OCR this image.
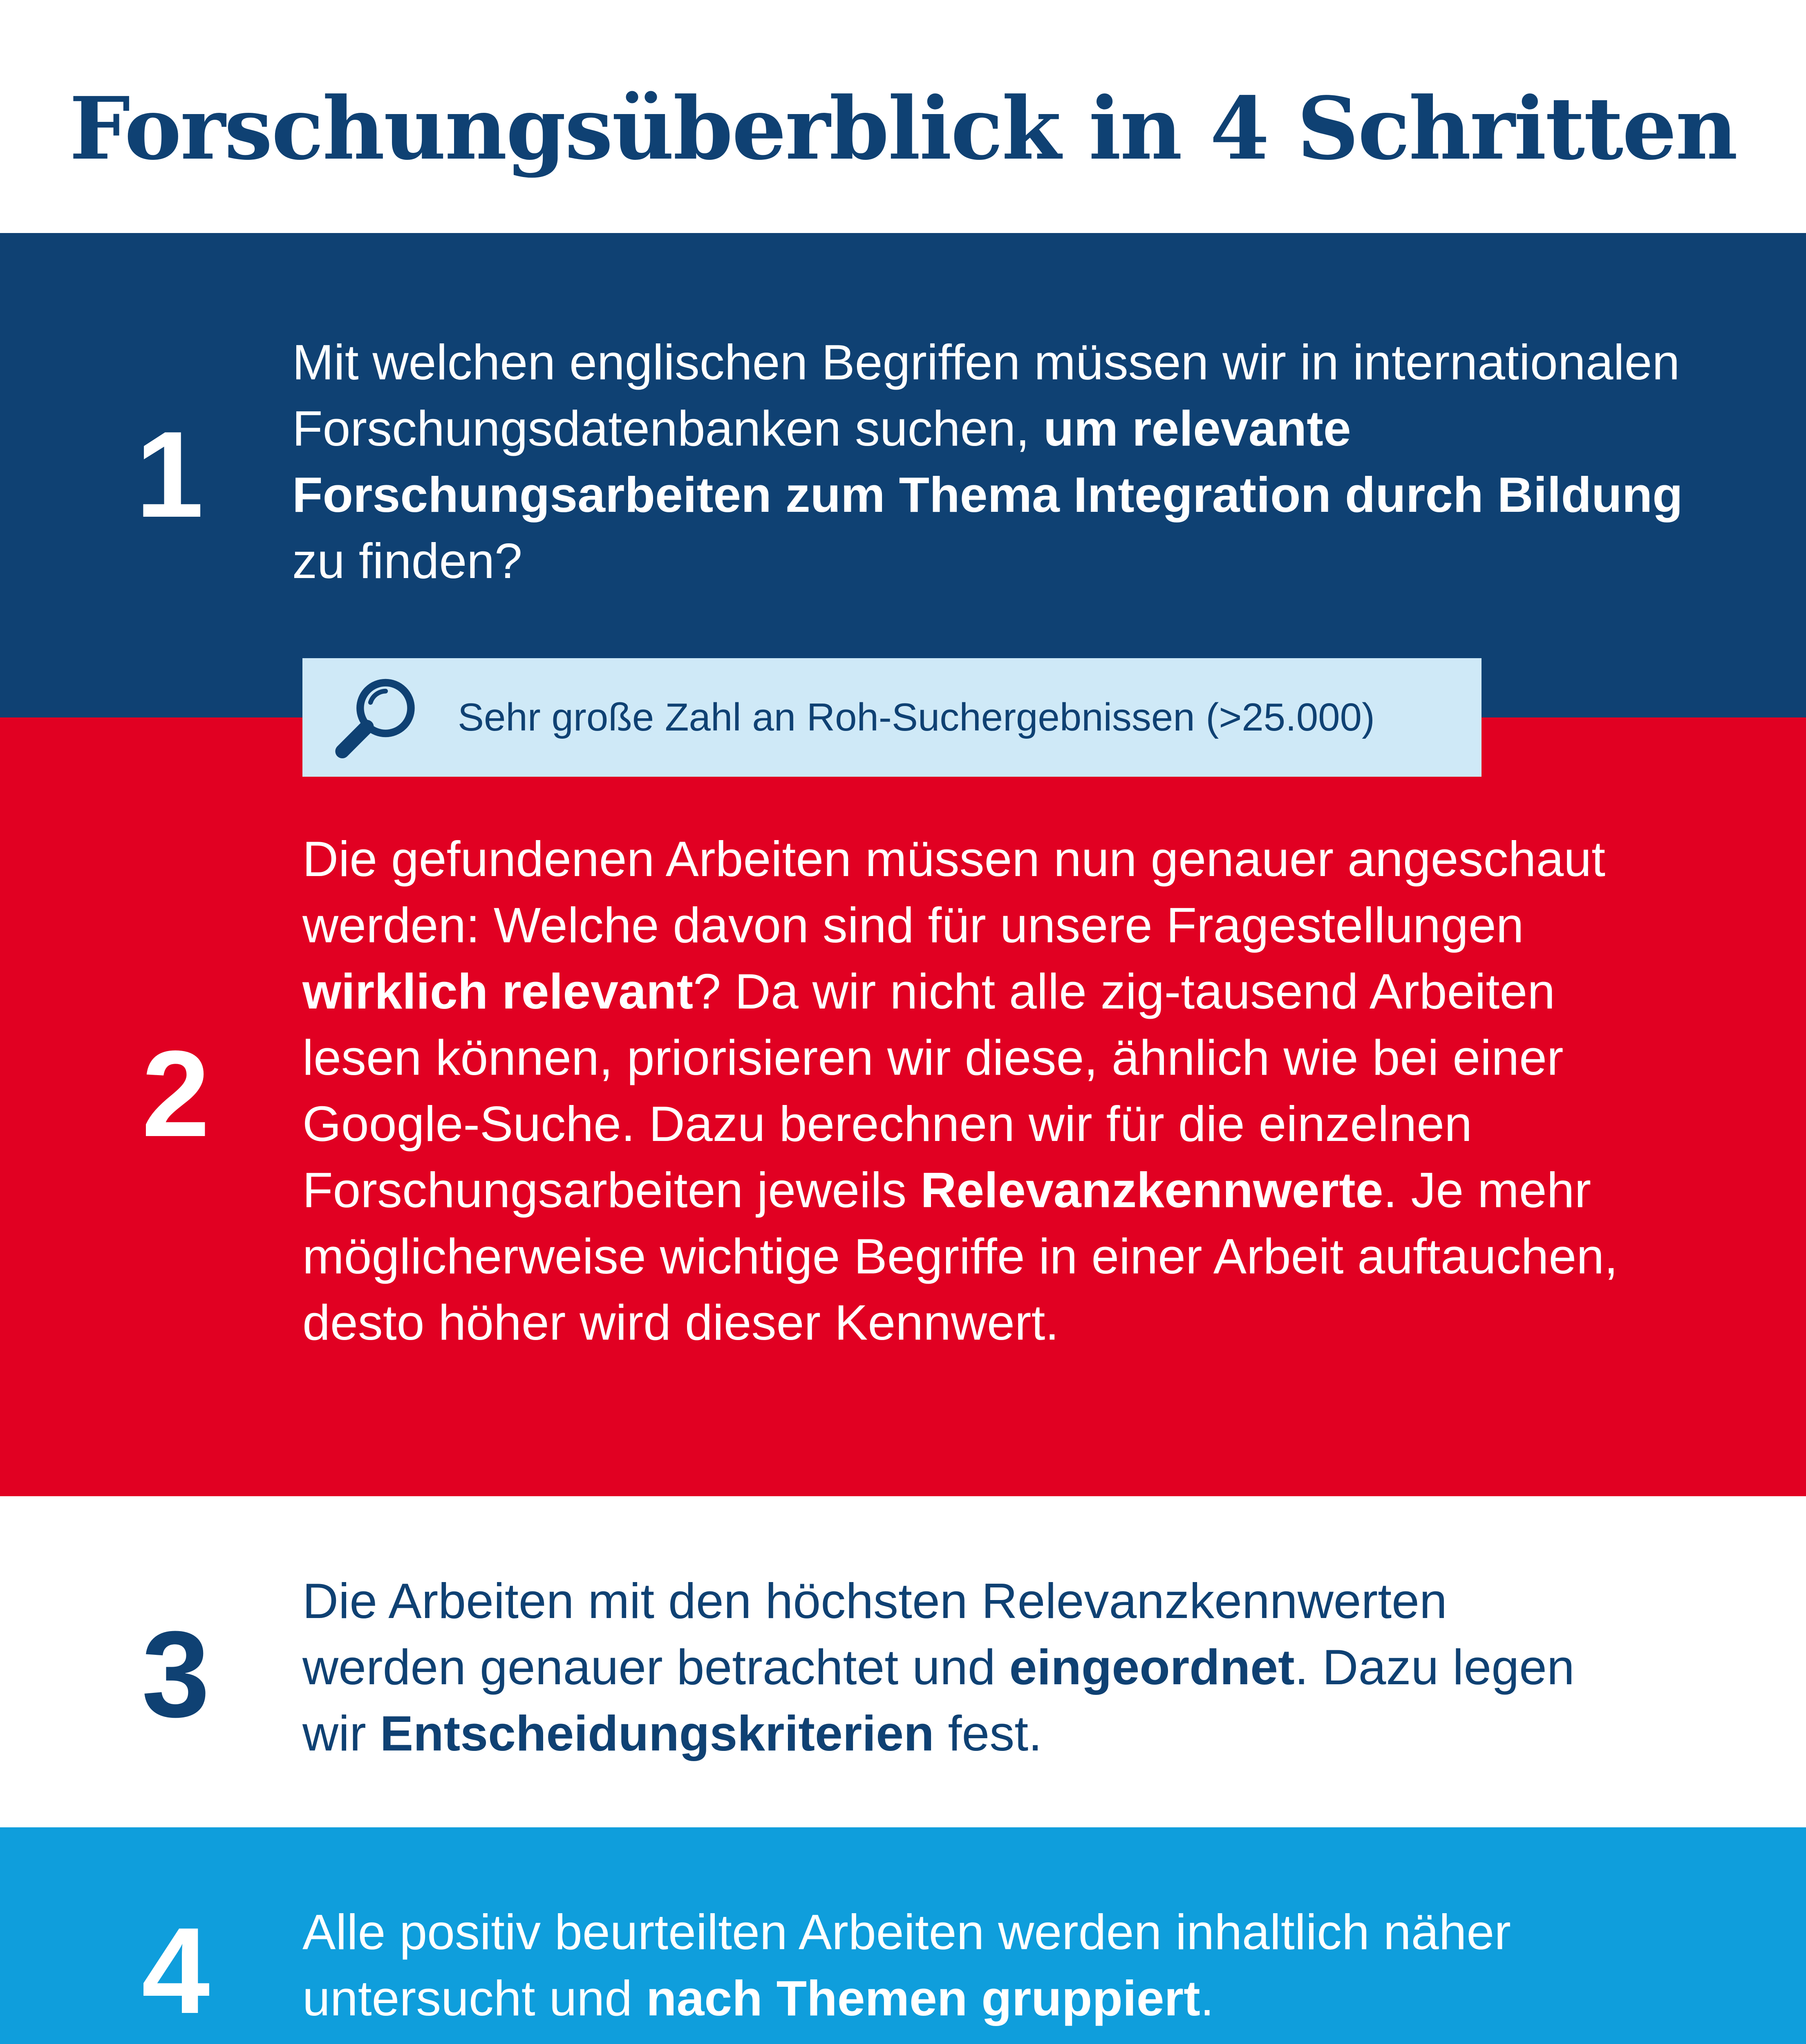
Forschungsüberblick in 4 Schritten
1

Mit welchen englischen Begriffen müssen wir in internationalen Forschungsdatenbanken suchen, um relevante Forschungsarbeiten zum Thema Integration durch Bildung zu finden?

2

Die gefundenen Arbeiten müssen nun genauer angeschaut werden: Welche davon sind für unsere Fragestellungen wirklich relevant? Da wir nicht alle zig-tausend Arbeiten lesen können, priorisieren wir diese, ähnlich wie bei einer Google-Suche. Dazu berechnen wir für die einzelnen Forschungsarbeiten jeweils Relevanzkennwerte. Je mehr möglicherweise wichtige Begriffe in einer Arbeit auftauchen, desto höher wird dieser Kennwert.

3

Die Arbeiten mit den höchsten Relevanzkennwerten werden genauer betrachtet und eingeordnet. Dazu legen wir Entscheidungskriterien fest.

4	Alle positiv beurteilten Arbeiten werden inhaltlich näher untersucht und nach Themen gruppiert.

Sehr große Zahl an Roh-Suchergebnissen (>25.000)
